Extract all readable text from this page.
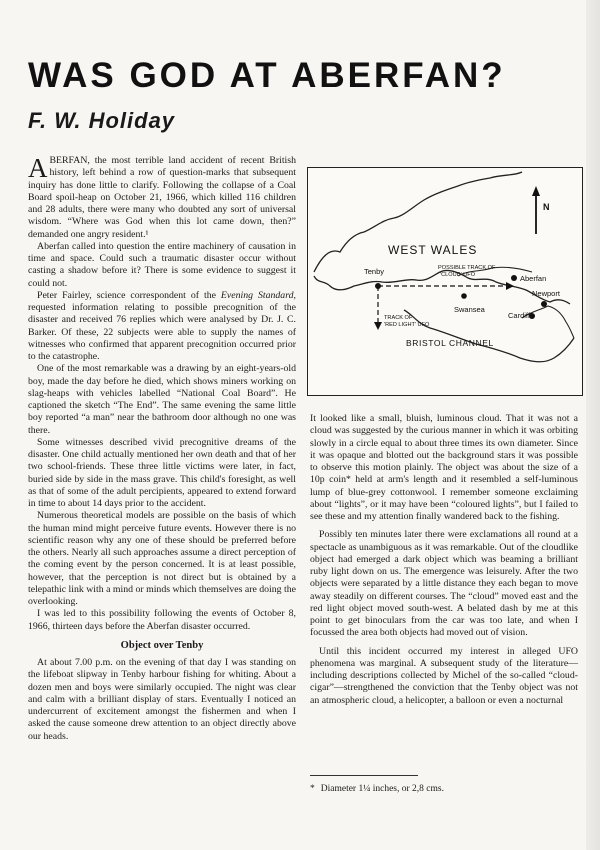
WAS GOD AT ABERFAN?
F. W. Holiday

ABERFAN, the most terrible land accident of recent British history, left behind a row of question-marks that subsequent inquiry has done little to clarify. Following the collapse of a Coal Board spoil-heap on October 21, 1966, which killed 116 children and 28 adults, there were many who doubted any sort of universal wisdom. “Where was God when this lot came down, then?” demanded one angry resident.¹

Aberfan called into question the entire machinery of causation in time and space. Could such a traumatic disaster occur without casting a shadow before it? There is some evidence to suggest it could not.

Peter Fairley, science correspondent of the Evening Standard, requested information relating to possible precognition of the disaster and received 76 replies which were analysed by Dr. J. C. Barker. Of these, 22 subjects were able to supply the names of witnesses who confirmed that apparent precognition occurred prior to the catastrophe.

One of the most remarkable was a drawing by an eight-years-old boy, made the day before he died, which shows miners working on slag-heaps with vehicles labelled “National Coal Board”. He captioned the sketch “The End”. The same evening the same little boy reported “a man” near the bathroom door although no one was there.

Some witnesses described vivid precognitive dreams of the disaster. One child actually mentioned her own death and that of her two school-friends. These three little victims were later, in fact, buried side by side in the mass grave. This child's foresight, as well as that of some of the adult percipients, appeared to extend forward in time to about 14 days prior to the accident.

Numerous theoretical models are possible on the basis of which the human mind might perceive future events. However there is no scientific reason why any one of these should be preferred before the others. Nearly all such approaches assume a direct perception of the coming event by the person concerned. It is at least possible, however, that the perception is not direct but is obtained by a telepathic link with a mind or minds which themselves are doing the overlooking.

I was led to this possibility following the events of October 8, 1966, thirteen days before the Aberfan disaster occurred.

Object over Tenby

At about 7.00 p.m. on the evening of that day I was standing on the lifeboat slipway in Tenby harbour fishing for whiting. About a dozen men and boys were similarly occupied. The night was clear and calm with a brilliant display of stars. Eventually I noticed an undercurrent of excitement amongst the fishermen and when I asked the cause someone drew attention to an object directly above our heads.

N
WEST WALES
BRISTOL CHANNEL
Tenby
Swansea
Aberfan
Newport
Cardiff
POSSIBLE TRACK OF
'CLOUD' UFO
TRACK OF
'RED LIGHT' UFO

It looked like a small, bluish, luminous cloud. That it was not a cloud was suggested by the curious manner in which it was orbiting slowly in a circle equal to about three times its own diameter. Since it was opaque and blotted out the background stars it was possible to observe this motion plainly. The object was about the size of a 10p coin* held at arm's length and it resembled a self-luminous lump of blue-grey cottonwool. I remember someone exclaiming about “lights”, or it may have been “coloured lights”, but I failed to see these and my attention finally wandered back to the fishing.

Possibly ten minutes later there were exclamations all round at a spectacle as unambiguous as it was remarkable. Out of the cloudlike object had emerged a dark object which was beaming a brilliant ruby light down on us. The emergence was leisurely. After the two objects were separated by a little distance they each began to move away steadily on different courses. The “cloud” moved east and the red light object moved south-west. A belated dash by me at this point to get binoculars from the car was too late, and when I focussed the area both objects had moved out of vision.

Until this incident occurred my interest in alleged UFO phenomena was marginal. A subsequent study of the literature—including descriptions collected by Michel of the so-called “cloud-cigar”—strengthened the conviction that the Tenby object was not an atmospheric cloud, a helicopter, a balloon or even a nocturnal

* Diameter 1¼ inches, or 2,8 cms.
